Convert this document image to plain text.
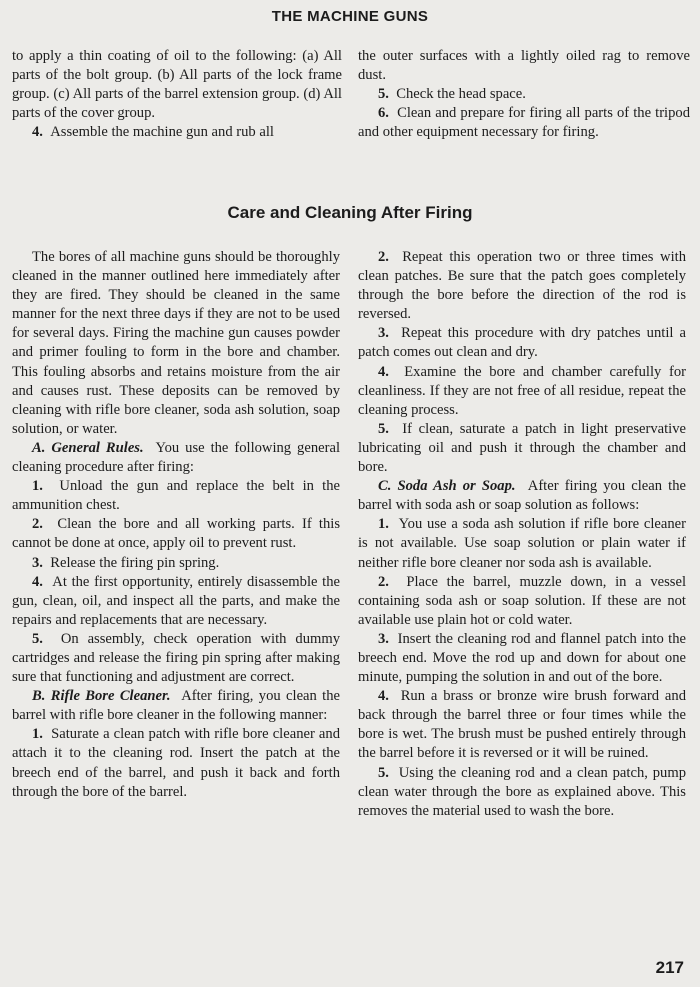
THE MACHINE GUNS

to apply a thin coating of oil to the following: (a) All parts of the bolt group. (b) All parts of the lock frame group. (c) All parts of the barrel extension group. (d) All parts of the cover group.

4. Assemble the machine gun and rub all

the outer surfaces with a lightly oiled rag to remove dust.

5. Check the head space.

6. Clean and prepare for firing all parts of the tripod and other equipment necessary for firing.

Care and Cleaning After Firing

The bores of all machine guns should be thoroughly cleaned in the manner outlined here immediately after they are fired. They should be cleaned in the same manner for the next three days if they are not to be used for several days. Firing the machine gun causes powder and primer fouling to form in the bore and chamber. This fouling absorbs and retains moisture from the air and causes rust. These deposits can be removed by cleaning with rifle bore cleaner, soda ash solution, soap solution, or water.

A. General Rules. You use the following general cleaning procedure after firing:

1. Unload the gun and replace the belt in the ammunition chest.

2. Clean the bore and all working parts. If this cannot be done at once, apply oil to prevent rust.

3. Release the firing pin spring.

4. At the first opportunity, entirely disassemble the gun, clean, oil, and inspect all the parts, and make the repairs and replacements that are necessary.

5. On assembly, check operation with dummy cartridges and release the firing pin spring after making sure that functioning and adjustment are correct.

B. Rifle Bore Cleaner. After firing, you clean the barrel with rifle bore cleaner in the following manner:

1. Saturate a clean patch with rifle bore cleaner and attach it to the cleaning rod. Insert the patch at the breech end of the barrel, and push it back and forth through the bore of the barrel.

2. Repeat this operation two or three times with clean patches. Be sure that the patch goes completely through the bore before the direction of the rod is reversed.

3. Repeat this procedure with dry patches until a patch comes out clean and dry.

4. Examine the bore and chamber carefully for cleanliness. If they are not free of all residue, repeat the cleaning process.

5. If clean, saturate a patch in light preservative lubricating oil and push it through the chamber and bore.

C. Soda Ash or Soap. After firing you clean the barrel with soda ash or soap solution as follows:

1. You use a soda ash solution if rifle bore cleaner is not available. Use soap solution or plain water if neither rifle bore cleaner nor soda ash is available.

2. Place the barrel, muzzle down, in a vessel containing soda ash or soap solution. If these are not available use plain hot or cold water.

3. Insert the cleaning rod and flannel patch into the breech end. Move the rod up and down for about one minute, pumping the solution in and out of the bore.

4. Run a brass or bronze wire brush forward and back through the barrel three or four times while the bore is wet. The brush must be pushed entirely through the barrel before it is reversed or it will be ruined.

5. Using the cleaning rod and a clean patch, pump clean water through the bore as explained above. This removes the material used to wash the bore.

217
